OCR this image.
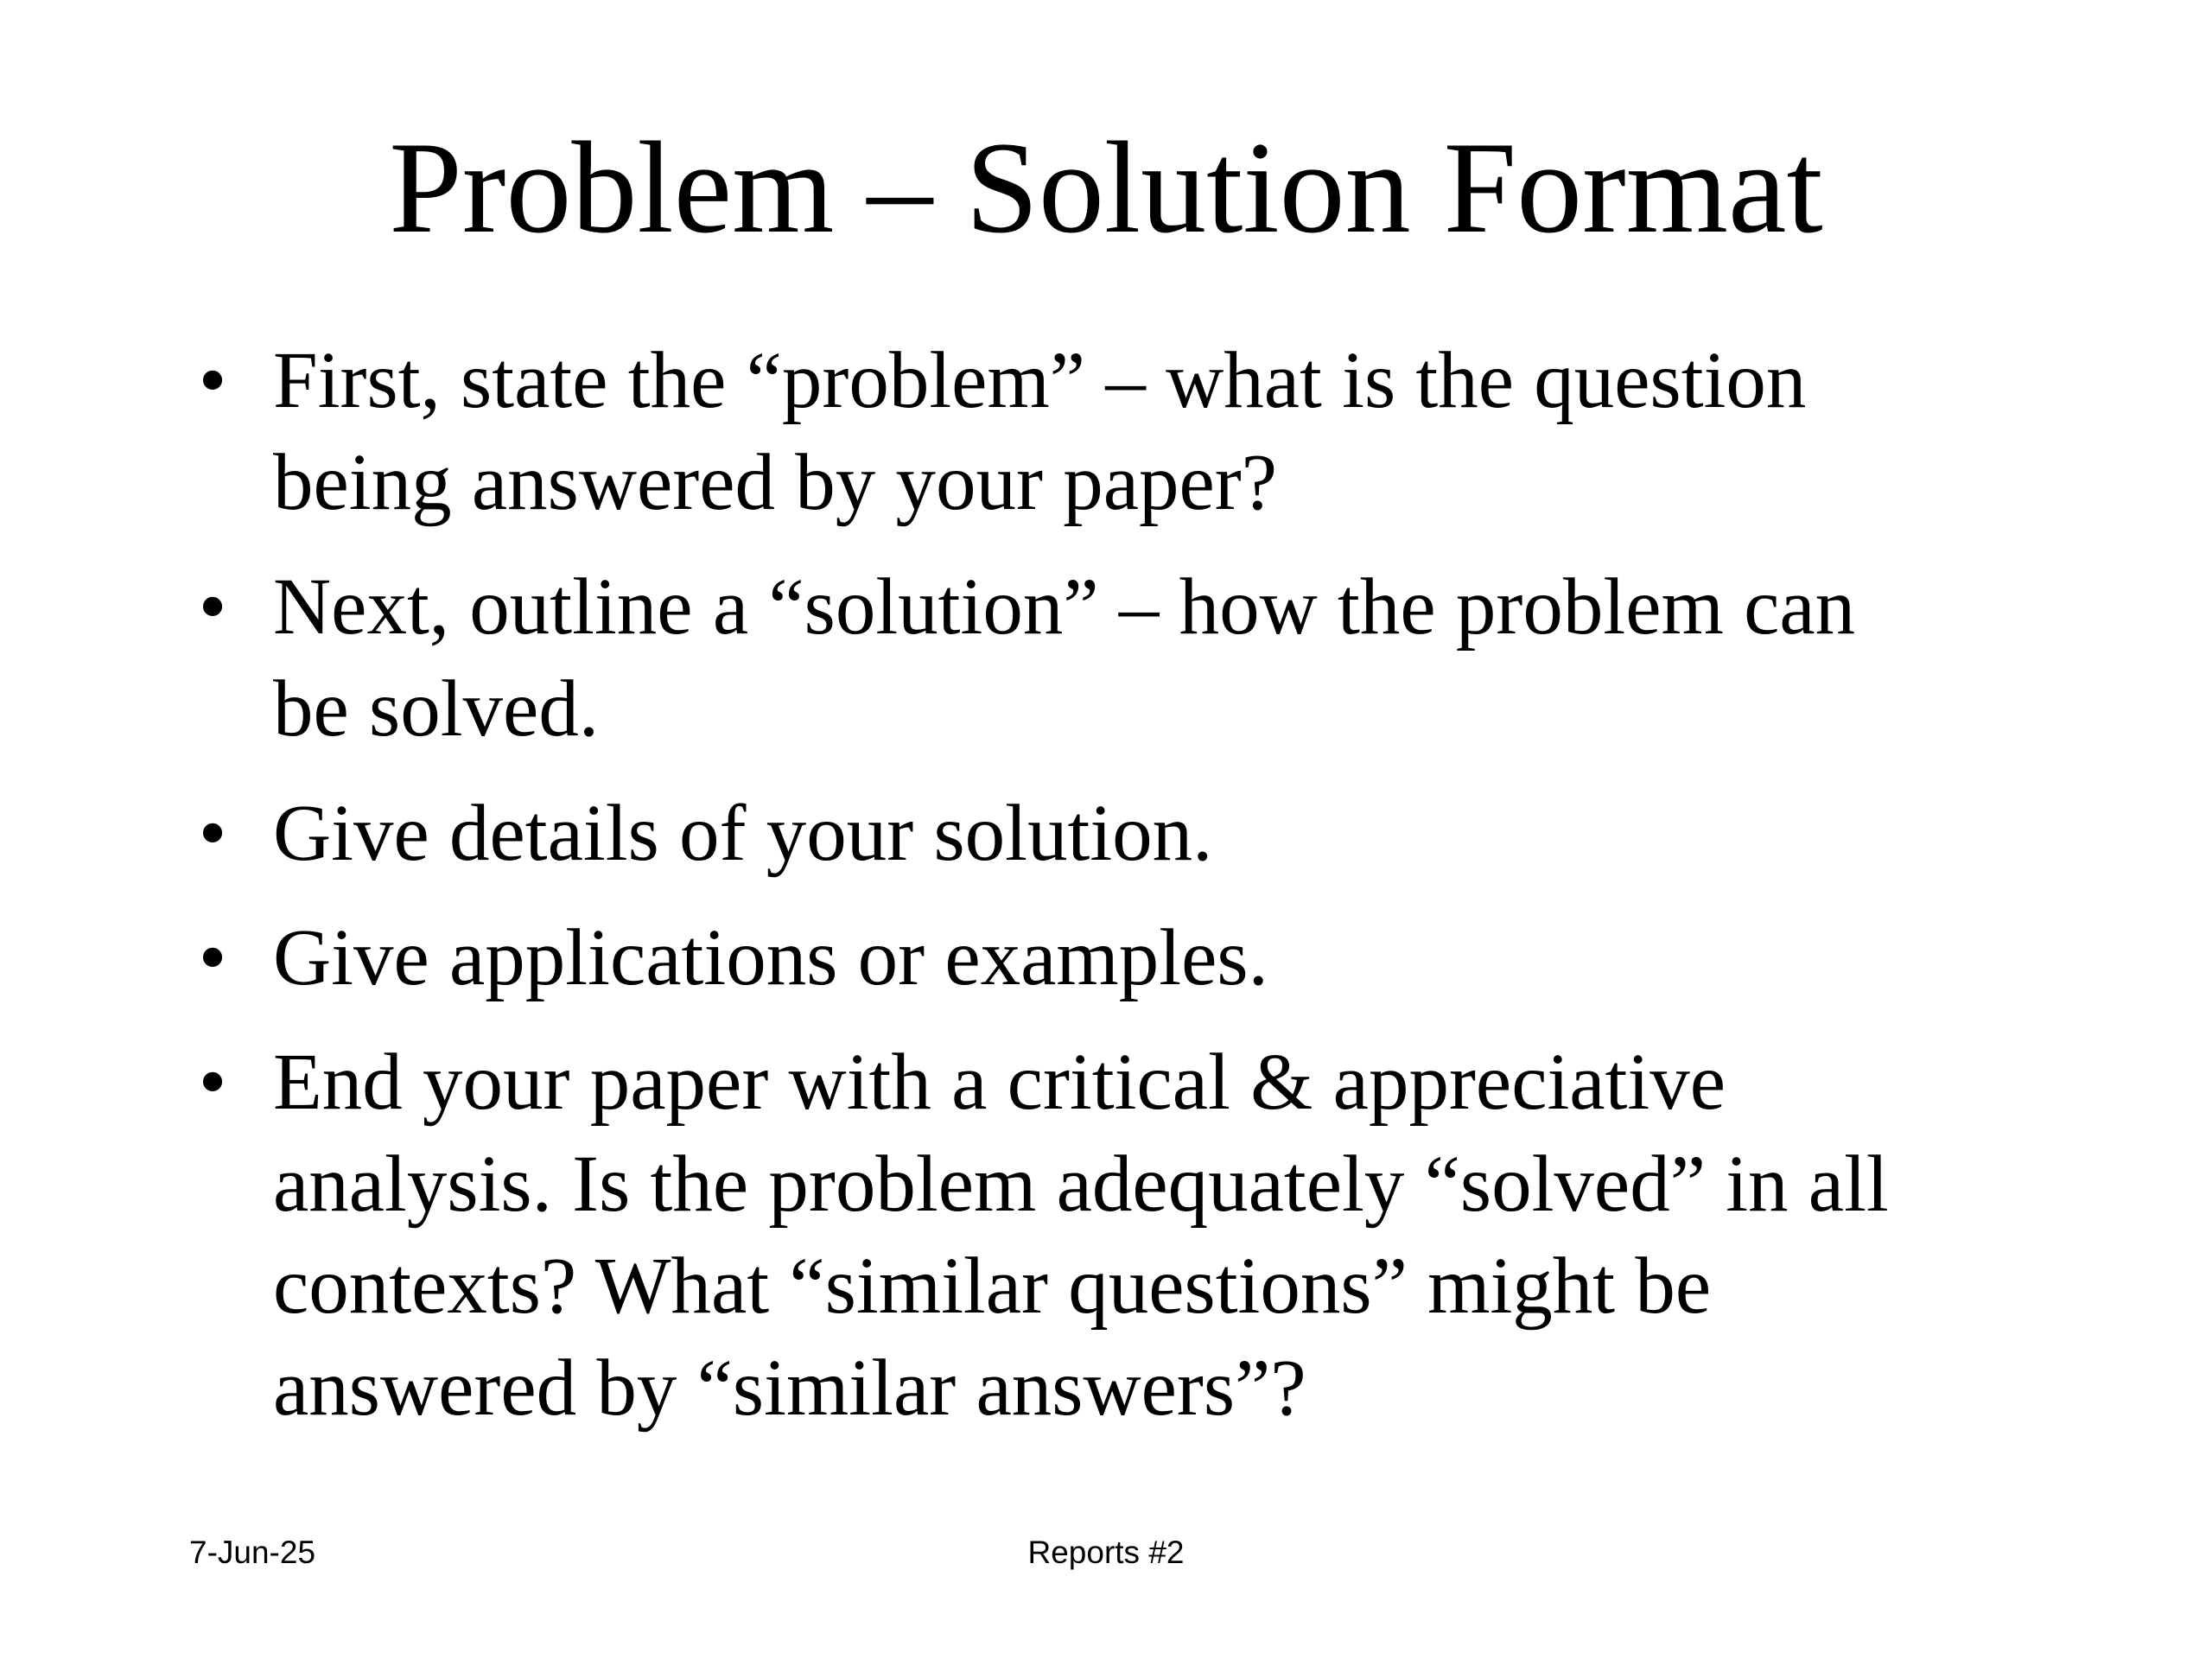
Problem – Solution Format
• First, state the “problem” – what is the question
being answered by your paper?
• Next, outline a “solution” – how the problem can
be solved.
• Give details of your solution.
• Give applications or examples.
• End your paper with a critical & appreciative
analysis. Is the problem adequately “solved” in all
contexts? What “similar questions” might be
answered by “similar answers”?
7-Jun-25	Reports #2
